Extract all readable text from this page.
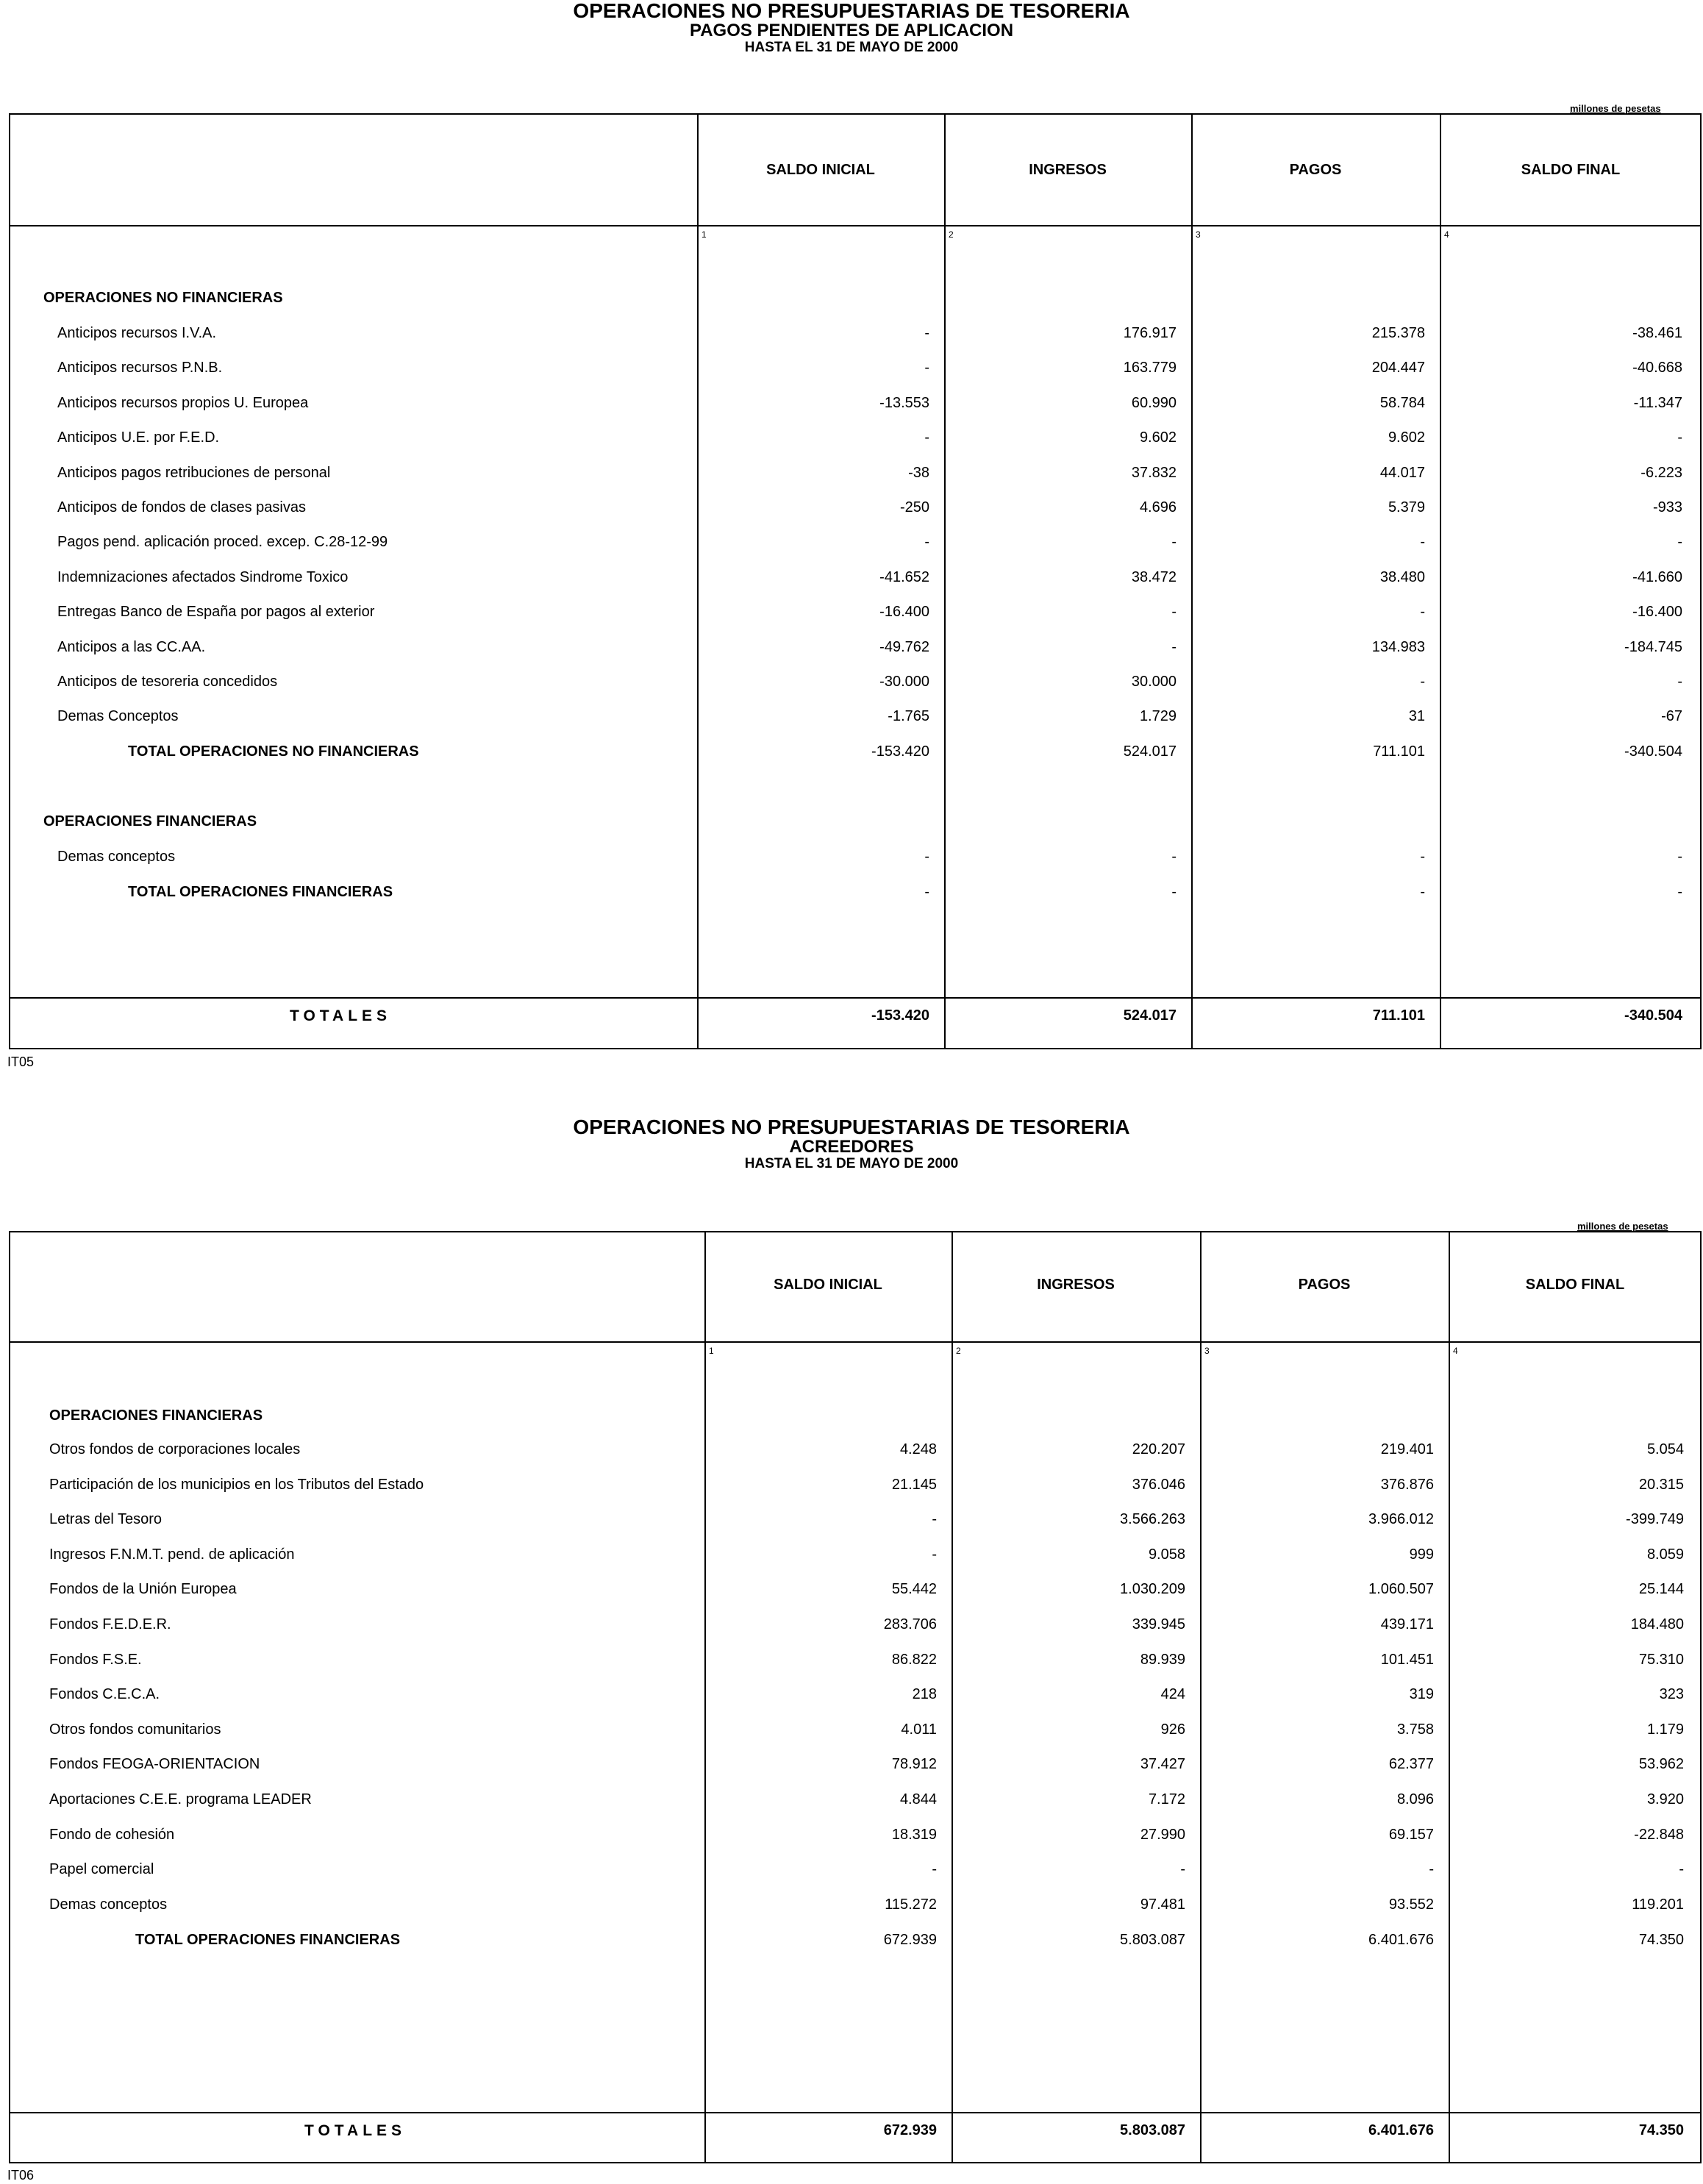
OPERACIONES NO PRESUPUESTARIAS DE TESORERIA
PAGOS PENDIENTES DE APLICACION
HASTA EL 31 DE MAYO DE 2000
millones de pesetas
SALDO INICIAL	INGRESOS	PAGOS	SALDO FINAL
1	2	3	4
OPERACIONES NO FINANCIERAS
Anticipos recursos I.V.A.	-	176.917	215.378	-38.461
Anticipos recursos P.N.B.	-	163.779	204.447	-40.668
Anticipos recursos propios U. Europea	-13.553	60.990	58.784	-11.347
Anticipos U.E. por F.E.D.	-	9.602	9.602	-
Anticipos pagos retribuciones de personal	-38	37.832	44.017	-6.223
Anticipos de fondos de clases pasivas	-250	4.696	5.379	-933
Pagos pend. aplicación proced. excep. C.28-12-99	-	-	-	-
Indemnizaciones afectados Sindrome Toxico	-41.652	38.472	38.480	-41.660
Entregas Banco de España por pagos al exterior	-16.400	-	-	-16.400
Anticipos a las CC.AA.	-49.762	-	134.983	-184.745
Anticipos de tesoreria concedidos	-30.000	30.000	-	-
Demas Conceptos	-1.765	1.729	31	-67
TOTAL OPERACIONES NO FINANCIERAS	-153.420	524.017	711.101	-340.504
OPERACIONES FINANCIERAS
Demas conceptos	-	-	-	-
TOTAL OPERACIONES FINANCIERAS	-	-	-	-
TOTALES	-153.420	524.017	711.101	-340.504
IT05
OPERACIONES NO PRESUPUESTARIAS DE TESORERIA
ACREEDORES
HASTA EL 31 DE MAYO DE 2000
millones de pesetas
SALDO INICIAL	INGRESOS	PAGOS	SALDO FINAL
1	2	3	4
OPERACIONES FINANCIERAS
Otros fondos de corporaciones locales	4.248	220.207	219.401	5.054
Participación de los municipios en los Tributos del Estado	21.145	376.046	376.876	20.315
Letras del Tesoro	-	3.566.263	3.966.012	-399.749
Ingresos F.N.M.T. pend. de aplicación	-	9.058	999	8.059
Fondos de la Unión Europea	55.442	1.030.209	1.060.507	25.144
Fondos F.E.D.E.R.	283.706	339.945	439.171	184.480
Fondos F.S.E.	86.822	89.939	101.451	75.310
Fondos C.E.C.A.	218	424	319	323
Otros fondos comunitarios	4.011	926	3.758	1.179
Fondos FEOGA-ORIENTACION	78.912	37.427	62.377	53.962
Aportaciones C.E.E. programa LEADER	4.844	7.172	8.096	3.920
Fondo de cohesión	18.319	27.990	69.157	-22.848
Papel comercial	-	-	-	-
Demas conceptos	115.272	97.481	93.552	119.201
TOTAL OPERACIONES FINANCIERAS	672.939	5.803.087	6.401.676	74.350
TOTALES	672.939	5.803.087	6.401.676	74.350
IT06
